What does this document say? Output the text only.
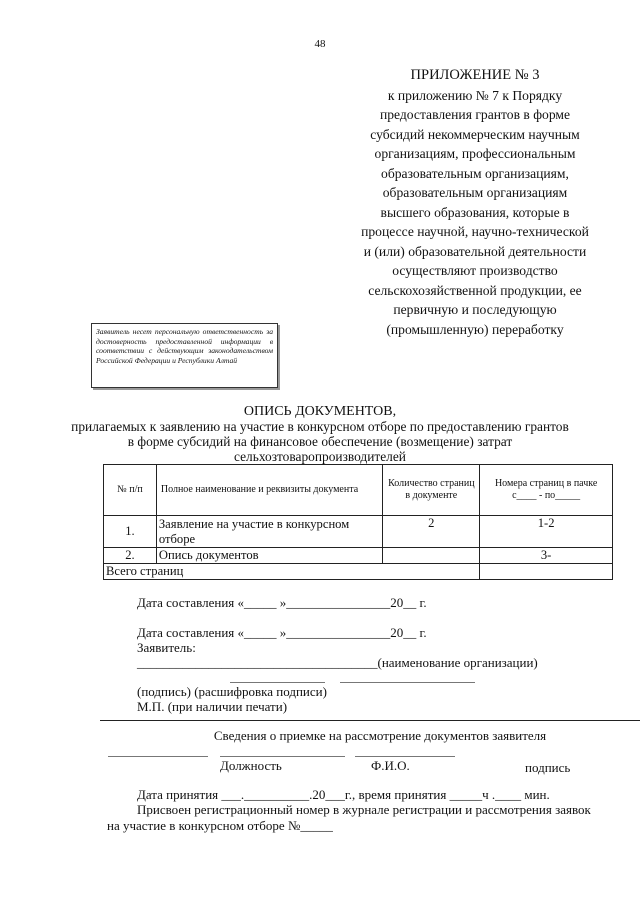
48
ПРИЛОЖЕНИЕ № 3
к приложению № 7 к Порядку
предоставления грантов в форме
субсидий некоммерческим научным
организациям, профессиональным
образовательным организациям,
образовательным организациям
высшего образования, которые в
процессе научной, научно-технической
и (или) образовательной деятельности
осуществляют производство
сельскохозяйственной продукции, ее
первичную и последующую
(промышленную) переработку
Заявитель несет персональную ответственность за достоверность предоставленной информации в соответствии с действующим законодательством Российской Федерации и Республики Алтай
ОПИСЬ ДОКУМЕНТОВ,
прилагаемых к заявлению на участие в конкурсном отборе по предоставлению грантов
в форме субсидий на финансовое обеспечение (возмещение) затрат
сельхозтоваропроизводителей
№ п/п	Полное наименование и реквизиты документа	Количество страниц в документе	Номера страниц в пачке с____ - по_____
1.	Заявление на участие в конкурсном отборе	2	1-2
2.	Опись документов		3-
Всего страниц			
Дата составления «_____ »________________20__ г.
Дата составления «_____ »________________20__ г.
Заявитель:
_____________________________________(наименование организации)
(подпись) (расшифровка подписи)
М.П. (при наличии печати)
Сведения о приемке на рассмотрение документов заявителя
Должность	Ф.И.О.	подпись
Дата принятия ___.__________.20___г., время принятия _____ч .____ мин.
Присвоен регистрационный номер в журнале регистрации и рассмотрения заявок
на участие в конкурсном отборе №_____
